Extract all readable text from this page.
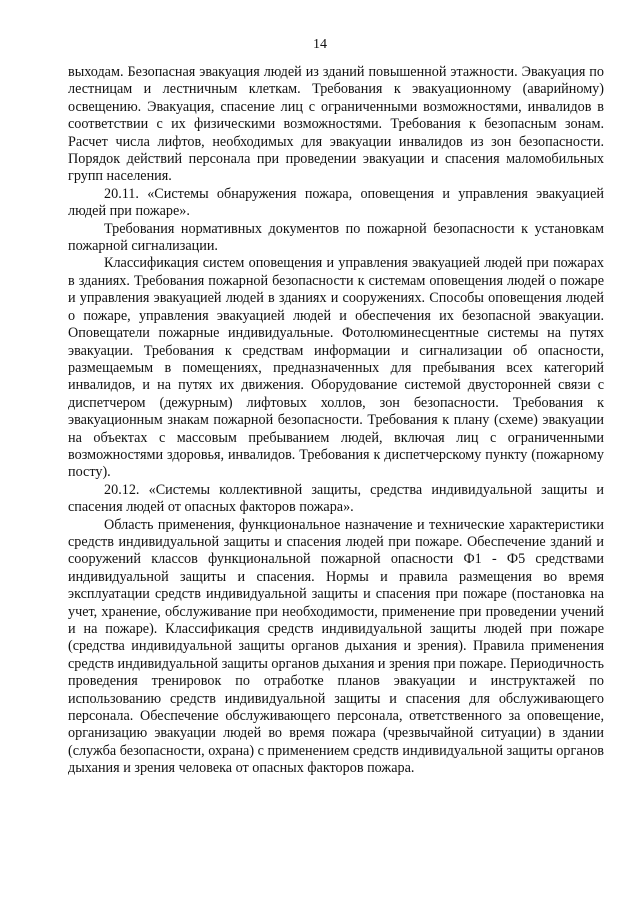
14

выходам. Безопасная эвакуация людей из зданий повышенной этажности. Эвакуация по лестницам и лестничным клеткам. Требования к эвакуационному (аварийному) освещению. Эвакуация, спасение лиц с ограниченными возможностями, инвалидов в соответствии с их физическими возможностями. Требования к безопасным зонам. Расчет числа лифтов, необходимых для эвакуации инвалидов из зон безопасности. Порядок действий персонала при проведении эвакуации и спасения маломобильных групп населения.

20.11. «Системы обнаружения пожара, оповещения и управления эвакуацией людей при пожаре».

Требования нормативных документов по пожарной безопасности к установкам пожарной сигнализации.

Классификация систем оповещения и управления эвакуацией людей при пожарах в зданиях. Требования пожарной безопасности к системам оповещения людей о пожаре и управления эвакуацией людей в зданиях и сооружениях. Способы оповещения людей о пожаре, управления эвакуацией людей и обеспечения их безопасной эвакуации. Оповещатели пожарные индивидуальные. Фотолюминесцентные системы на путях эвакуации. Требования к средствам информации и сигнализации об опасности, размещаемым в помещениях, предназначенных для пребывания всех категорий инвалидов, и на путях их движения. Оборудование системой двусторонней связи с диспетчером (дежурным) лифтовых холлов, зон безопасности. Требования к эвакуационным знакам пожарной безопасности. Требования к плану (схеме) эвакуации на объектах с массовым пребыванием людей, включая лиц с ограниченными возможностями здоровья, инвалидов. Требования к диспетчерскому пункту (пожарному посту).

20.12. «Системы коллективной защиты, средства индивидуальной защиты и спасения людей от опасных факторов пожара».

Область применения, функциональное назначение и технические характеристики средств индивидуальной защиты и спасения людей при пожаре. Обеспечение зданий и сооружений классов функциональной пожарной опасности Ф1 - Ф5 средствами индивидуальной защиты и спасения. Нормы и правила размещения во время эксплуатации средств индивидуальной защиты и спасения при пожаре (постановка на учет, хранение, обслуживание при необходимости, применение при проведении учений и на пожаре). Классификация средств индивидуальной защиты людей при пожаре (средства индивидуальной защиты органов дыхания и зрения). Правила применения средств индивидуальной защиты органов дыхания и зрения при пожаре. Периодичность проведения тренировок по отработке планов эвакуации и инструктажей по использованию средств индивидуальной защиты и спасения для обслуживающего персонала. Обеспечение обслуживающего персонала, ответственного за оповещение, организацию эвакуации людей во время пожара (чрезвычайной ситуации) в здании (служба безопасности, охрана) с применением средств индивидуальной защиты органов дыхания и зрения человека от опасных факторов пожара.
